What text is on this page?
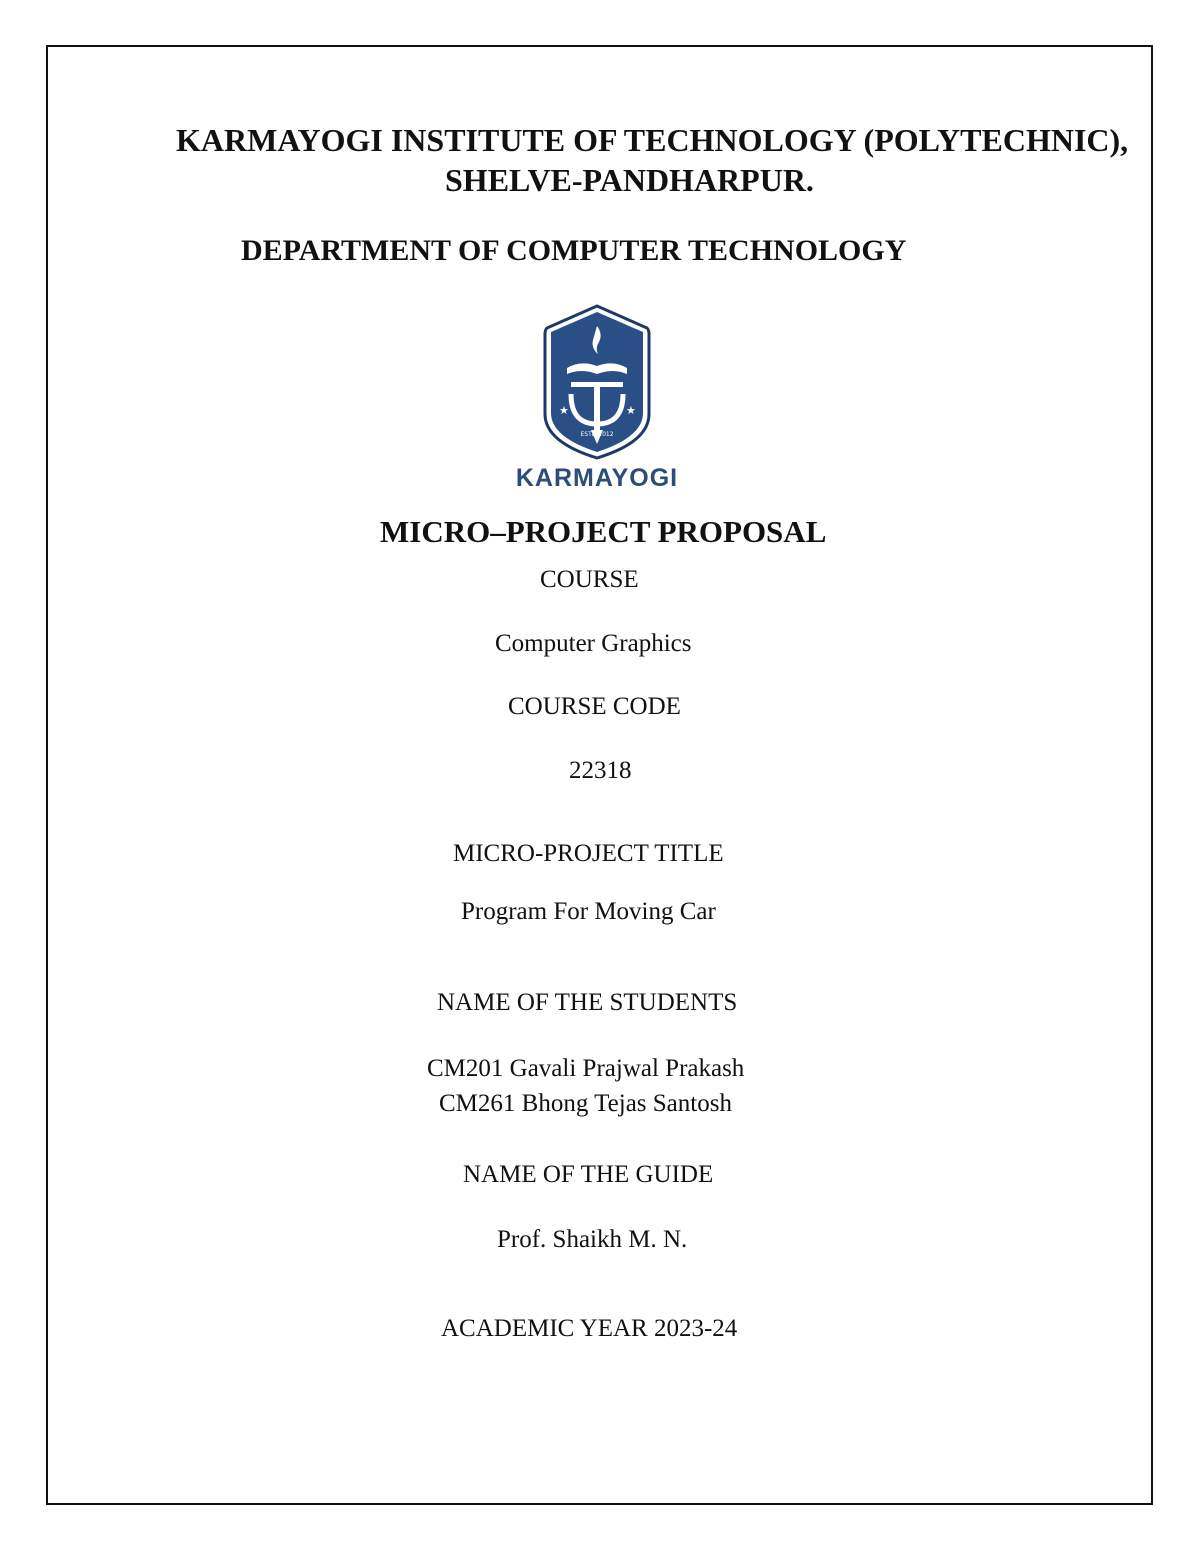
KARMAYOGI INSTITUTE OF TECHNOLOGY (POLYTECHNIC),
SHELVE-PANDHARPUR.
DEPARTMENT OF COMPUTER TECHNOLOGY
★	★
ESTD 2012
KARMAYOGI
MICRO–PROJECT PROPOSAL
COURSE
Computer Graphics
COURSE CODE
22318
MICRO-PROJECT TITLE
Program For Moving Car
NAME OF THE STUDENTS
CM201 Gavali Prajwal Prakash
CM261 Bhong Tejas Santosh
NAME OF THE GUIDE
Prof. Shaikh M. N.
ACADEMIC YEAR 2023-24
